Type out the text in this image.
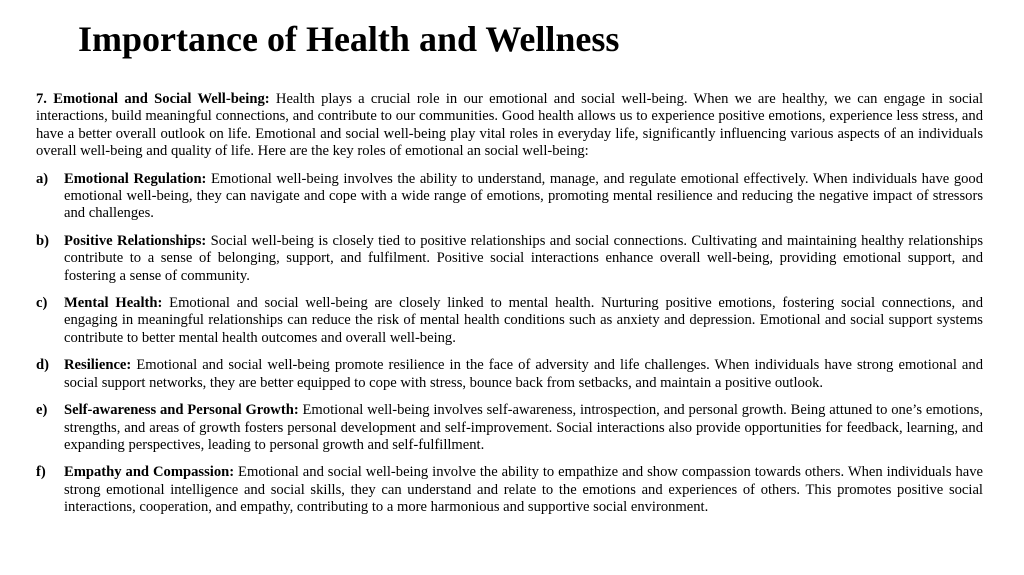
Importance of Health and Wellness

7. Emotional and Social Well-being: Health plays a crucial role in our emotional and social well-being. When we are healthy, we can engage in social interactions, build meaningful connections, and contribute to our communities. Good health allows us to experience positive emotions, experience less stress, and have a better overall outlook on life. Emotional and social well-being play vital roles in everyday life, significantly influencing various aspects of an individuals overall well-being and quality of life. Here are the key roles of emotional an social well-being:

a) Emotional Regulation: Emotional well-being involves the ability to understand, manage, and regulate emotional effectively. When individuals have good emotional well-being, they can navigate and cope with a wide range of emotions, promoting mental resilience and reducing the negative impact of stressors and challenges.
b) Positive Relationships: Social well-being is closely tied to positive relationships and social connections. Cultivating and maintaining healthy relationships contribute to a sense of belonging, support, and fulfilment. Positive social interactions enhance overall well-being, providing emotional support, and fostering a sense of community.
c) Mental Health: Emotional and social well-being are closely linked to mental health. Nurturing positive emotions, fostering social connections, and engaging in meaningful relationships can reduce the risk of mental health conditions such as anxiety and depression. Emotional and social support systems contribute to better mental health outcomes and overall well-being.
d) Resilience: Emotional and social well-being promote resilience in the face of adversity and life challenges. When individuals have strong emotional and social support networks, they are better equipped to cope with stress, bounce back from setbacks, and maintain a positive outlook.
e) Self-awareness and Personal Growth: Emotional well-being involves self-awareness, introspection, and personal growth. Being attuned to one’s emotions, strengths, and areas of growth fosters personal development and self-improvement. Social interactions also provide opportunities for feedback, learning, and expanding perspectives, leading to personal growth and self-fulfillment.
f) Empathy and Compassion: Emotional and social well-being involve the ability to empathize and show compassion towards others. When individuals have strong emotional intelligence and social skills, they can understand and relate to the emotions and experiences of others. This promotes positive social interactions, cooperation, and empathy, contributing to a more harmonious and supportive social environment.
